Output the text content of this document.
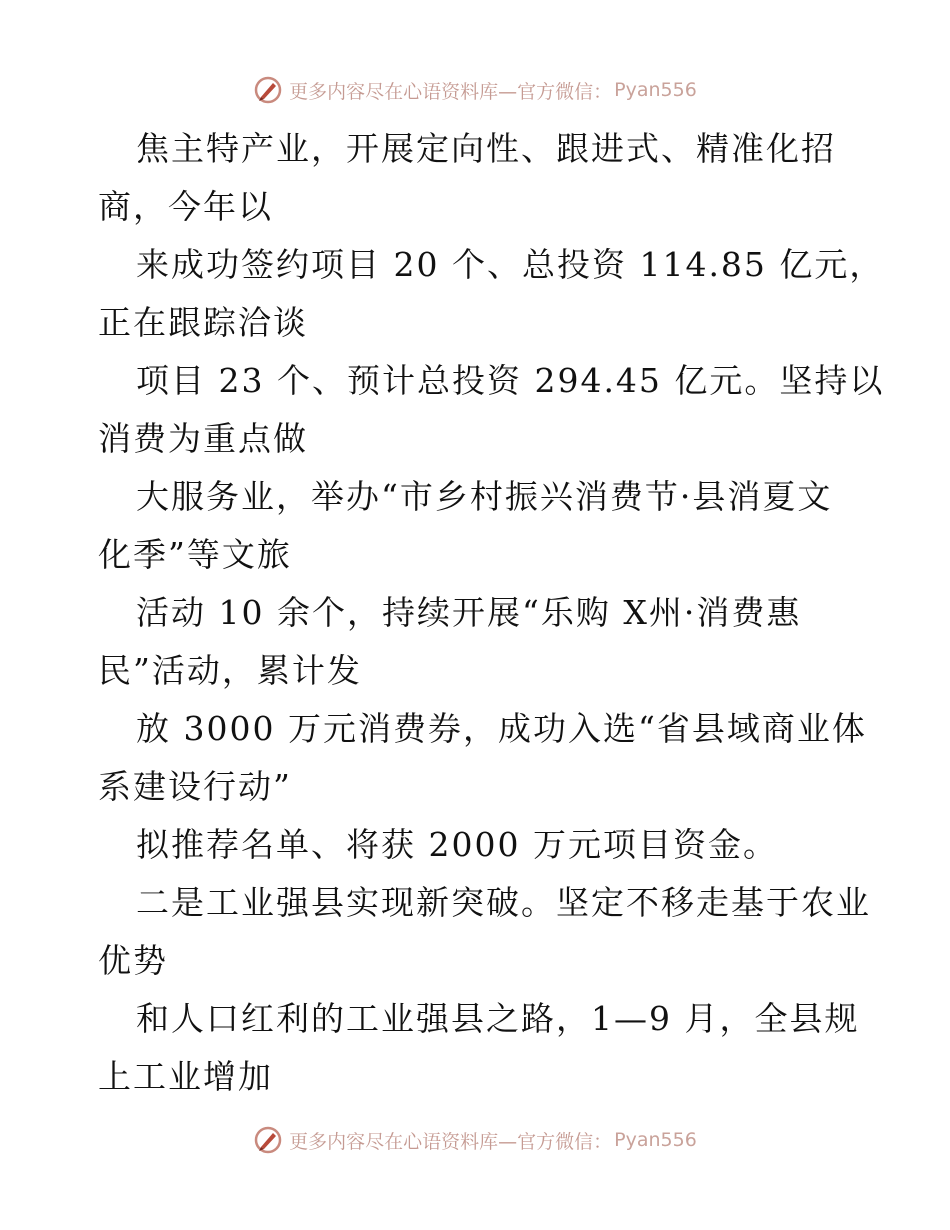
更多内容尽在心语资料库—官方微信： Pyan556
焦主特产业，开展定向性、跟进式、精准化招
商，今年以
来成功签约项目 20 个、总投资 114.85 亿元，
正在跟踪洽谈
项目 23 个、预计总投资 294.45 亿元。坚持以
消费为重点做
大服务业，举办“市乡村振兴消费节·县消夏文
化季”等文旅
活动 10 余个，持续开展“乐购 X州·消费惠
民”活动，累计发
放 3000 万元消费券，成功入选“省县域商业体
系建设行动”
拟推荐名单、将获 2000 万元项目资金。
二是工业强县实现新突破。坚定不移走基于农业
优势
和人口红利的工业强县之路，1—9 月，全县规
上工业增加
更多内容尽在心语资料库—官方微信： Pyan556
